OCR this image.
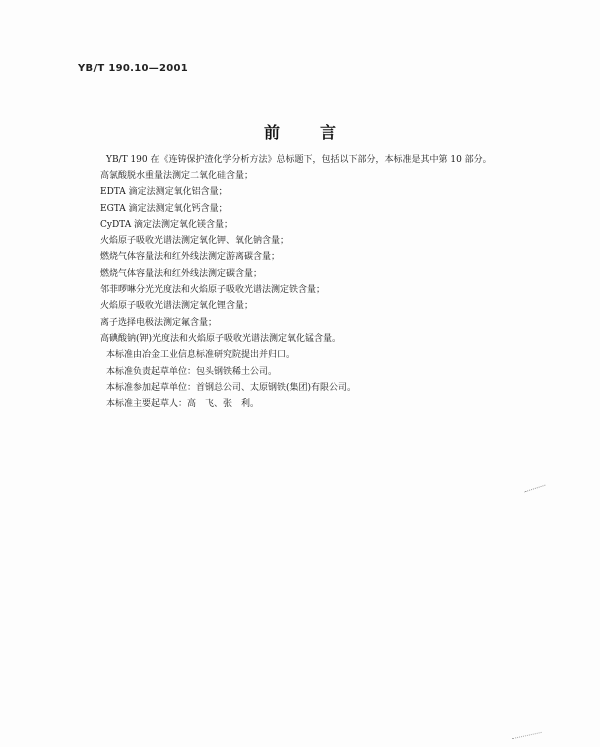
YB/T 190.10—2001
前言
YB/T 190 在《连铸保护渣化学分析方法》总标题下，包括以下部分，本标准是其中第 10 部分。
高氯酸脱水重量法测定二氧化硅含量；
EDTA 滴定法测定氧化铝含量；
EGTA 滴定法测定氧化钙含量；
CyDTA 滴定法测定氧化镁含量；
火焰原子吸收光谱法测定氧化钾、氧化钠含量；
燃烧气体容量法和红外线法测定游离碳含量；
燃烧气体容量法和红外线法测定碳含量；
邻菲啰啉分光光度法和火焰原子吸收光谱法测定铁含量；
火焰原子吸收光谱法测定氧化锂含量；
离子选择电极法测定氟含量；
高碘酸钠(钾)光度法和火焰原子吸收光谱法测定氧化锰含量。
本标准由冶金工业信息标准研究院提出并归口。
本标准负责起草单位：包头钢铁稀土公司。
本标准参加起草单位：首钢总公司、太原钢铁(集团)有限公司。
本标准主要起草人：高　飞、张　利。
